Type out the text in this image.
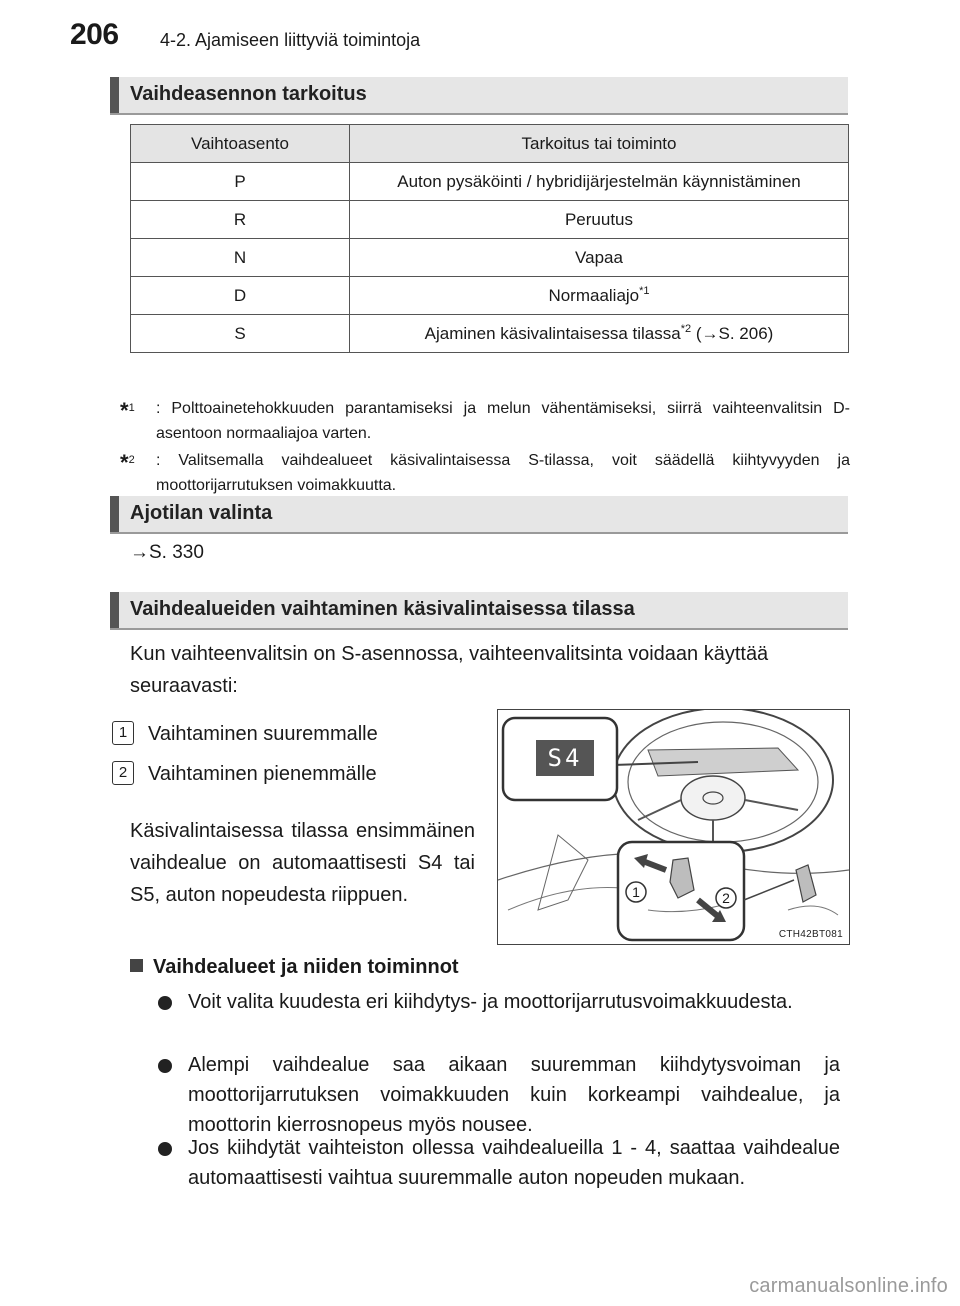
206 4-2. Ajamiseen liittyviä toimintoja
Vaihdeasennon tarkoitus
Vaihtoasento	Tarkoitus tai toiminto
P	Auton pysäköinti / hybridijärjestelmän käynnistäminen
R	Peruutus
N	Vapaa
D	Normaaliajo$^{*1}$
S	Ajaminen käsivalintaisessa tilassa$^{*2}$ (→S. 206)
*$^1$ : Polttoainetehokkuuden parantamiseksi ja melun vähentämiseksi, siirrä vaihteenvalitsin D-asentoon normaaliajoa varten.
*$^2$ : Valitsemalla vaihdealueet käsivalintaisessa S-tilassa, voit säädellä kiihtyvyyden ja moottorijarrutuksen voimakkuutta.
Ajotilan valinta
→S. 330
Vaihdealueiden vaihtaminen käsivalintaisessa tilassa
Kun vaihteenvalitsin on S-asennossa, vaihteenvalitsinta voidaan käyttää seuraavasti:
1 Vaihtaminen suuremmalle
2 Vaihtaminen pienemmälle
Käsivalintaisessa tilassa ensimmäinen vaihdealue on automaattisesti S4 tai S5, auton nopeudesta riippuen.
S4
1	2
CTH42BT081
Vaihdealueet ja niiden toiminnot
Voit valita kuudesta eri kiihdytys- ja moottorijarrutusvoimakkuudesta.
Alempi vaihdealue saa aikaan suuremman kiihdytysvoiman ja moottorijarrutuksen voimakkuuden kuin korkeampi vaihdealue, ja moottorin kierrosnopeus myös nousee.
Jos kiihdytät vaihteiston ollessa vaihdealueilla 1 - 4, saattaa vaihdealue automaattisesti vaihtua suuremmalle auton nopeuden mukaan.
carmanualsonline.info
